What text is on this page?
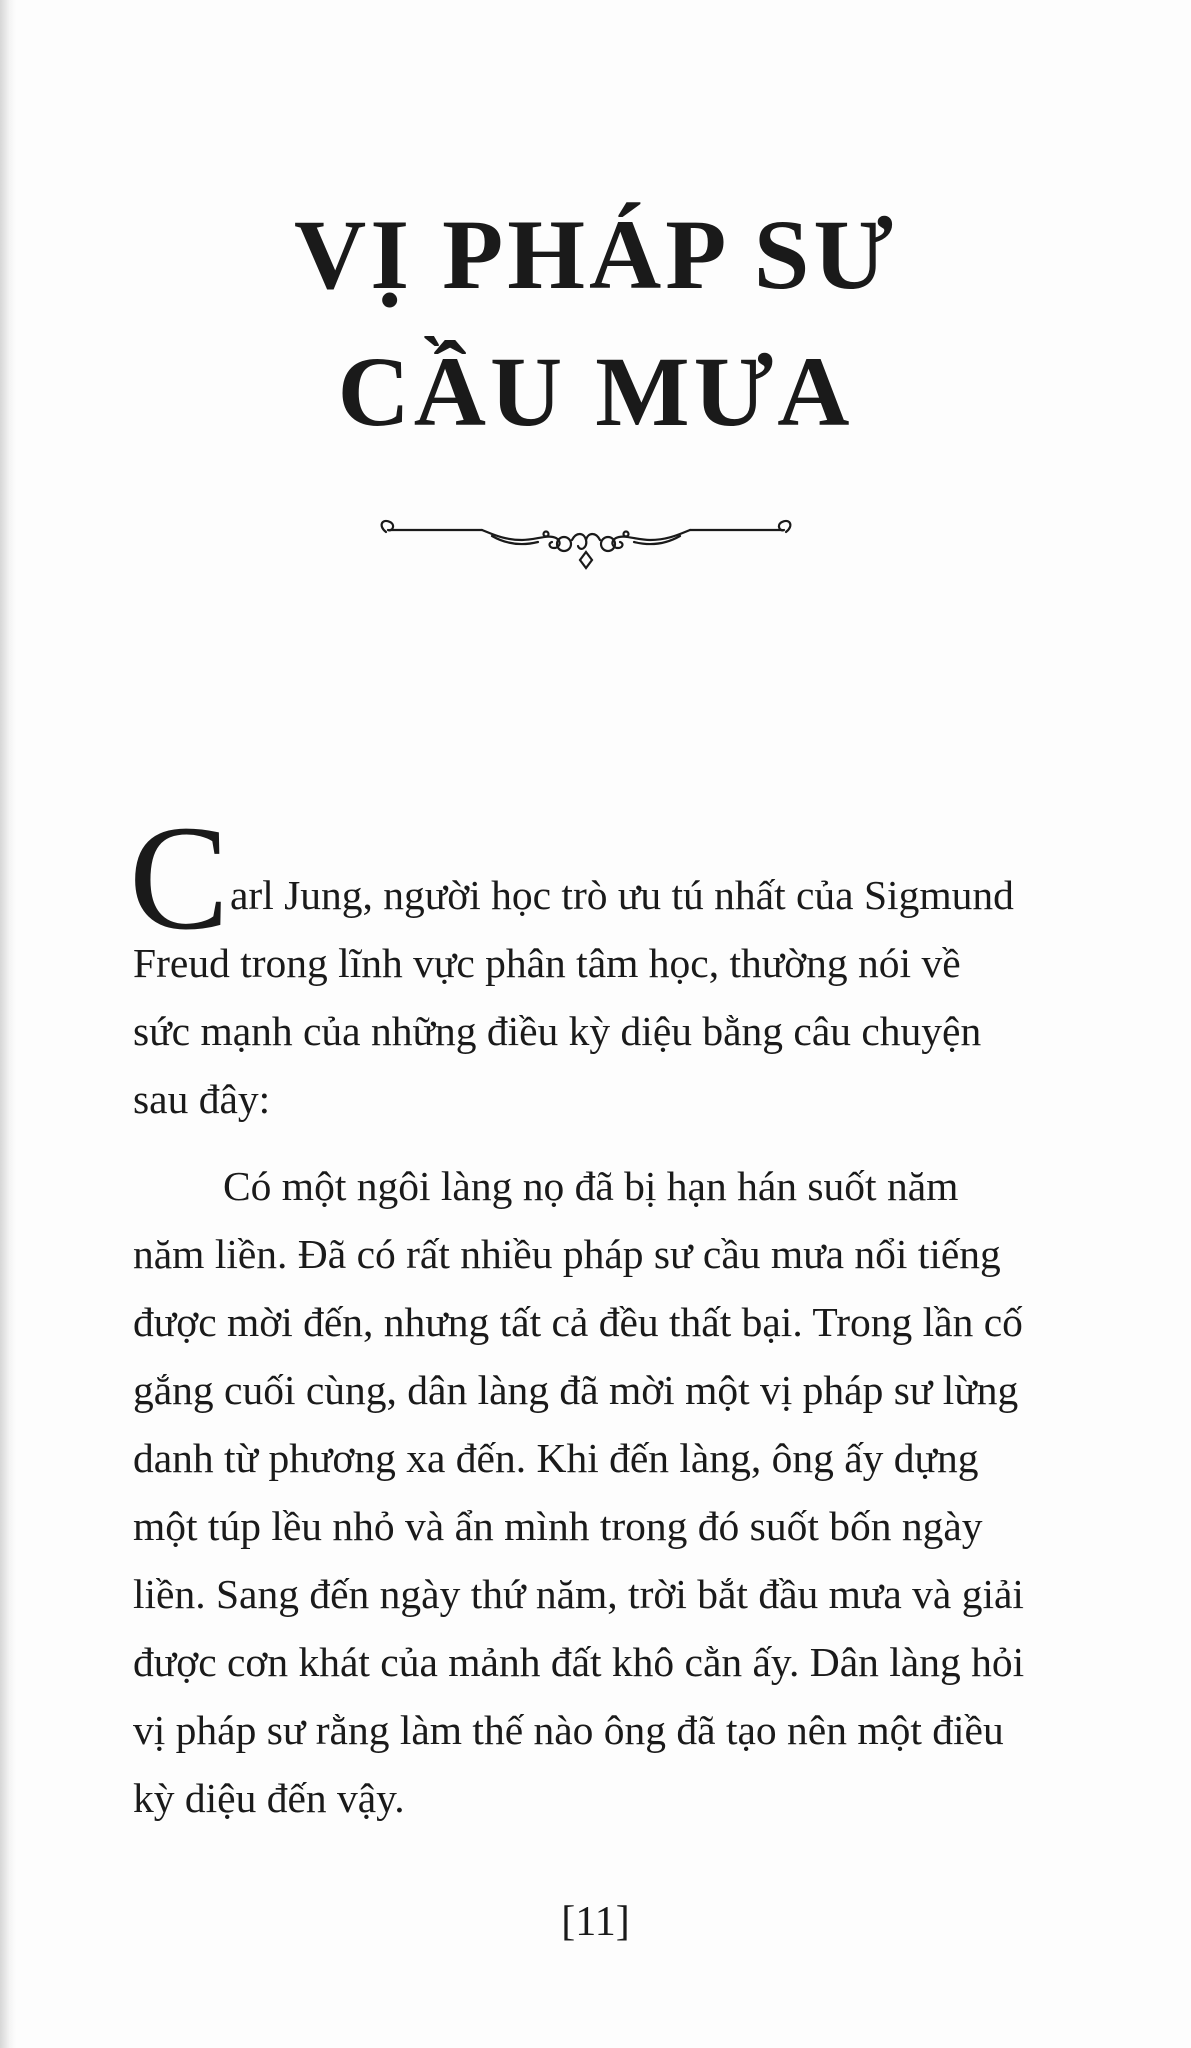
VỊ PHÁP SƯ
CẦU MƯA
C arl Jung, người học trò ưu tú nhất của Sigmund
Freud trong lĩnh vực phân tâm học, thường nói về
sức mạnh của những điều kỳ diệu bằng câu chuyện
sau đây:
Có một ngôi làng nọ đã bị hạn hán suốt năm
năm liền. Đã có rất nhiều pháp sư cầu mưa nổi tiếng
được mời đến, nhưng tất cả đều thất bại. Trong lần cố
gắng cuối cùng, dân làng đã mời một vị pháp sư lừng
danh từ phương xa đến. Khi đến làng, ông ấy dựng
một túp lều nhỏ và ẩn mình trong đó suốt bốn ngày
liền. Sang đến ngày thứ năm, trời bắt đầu mưa và giải
được cơn khát của mảnh đất khô cằn ấy. Dân làng hỏi
vị pháp sư rằng làm thế nào ông đã tạo nên một điều
kỳ diệu đến vậy.
[11]
